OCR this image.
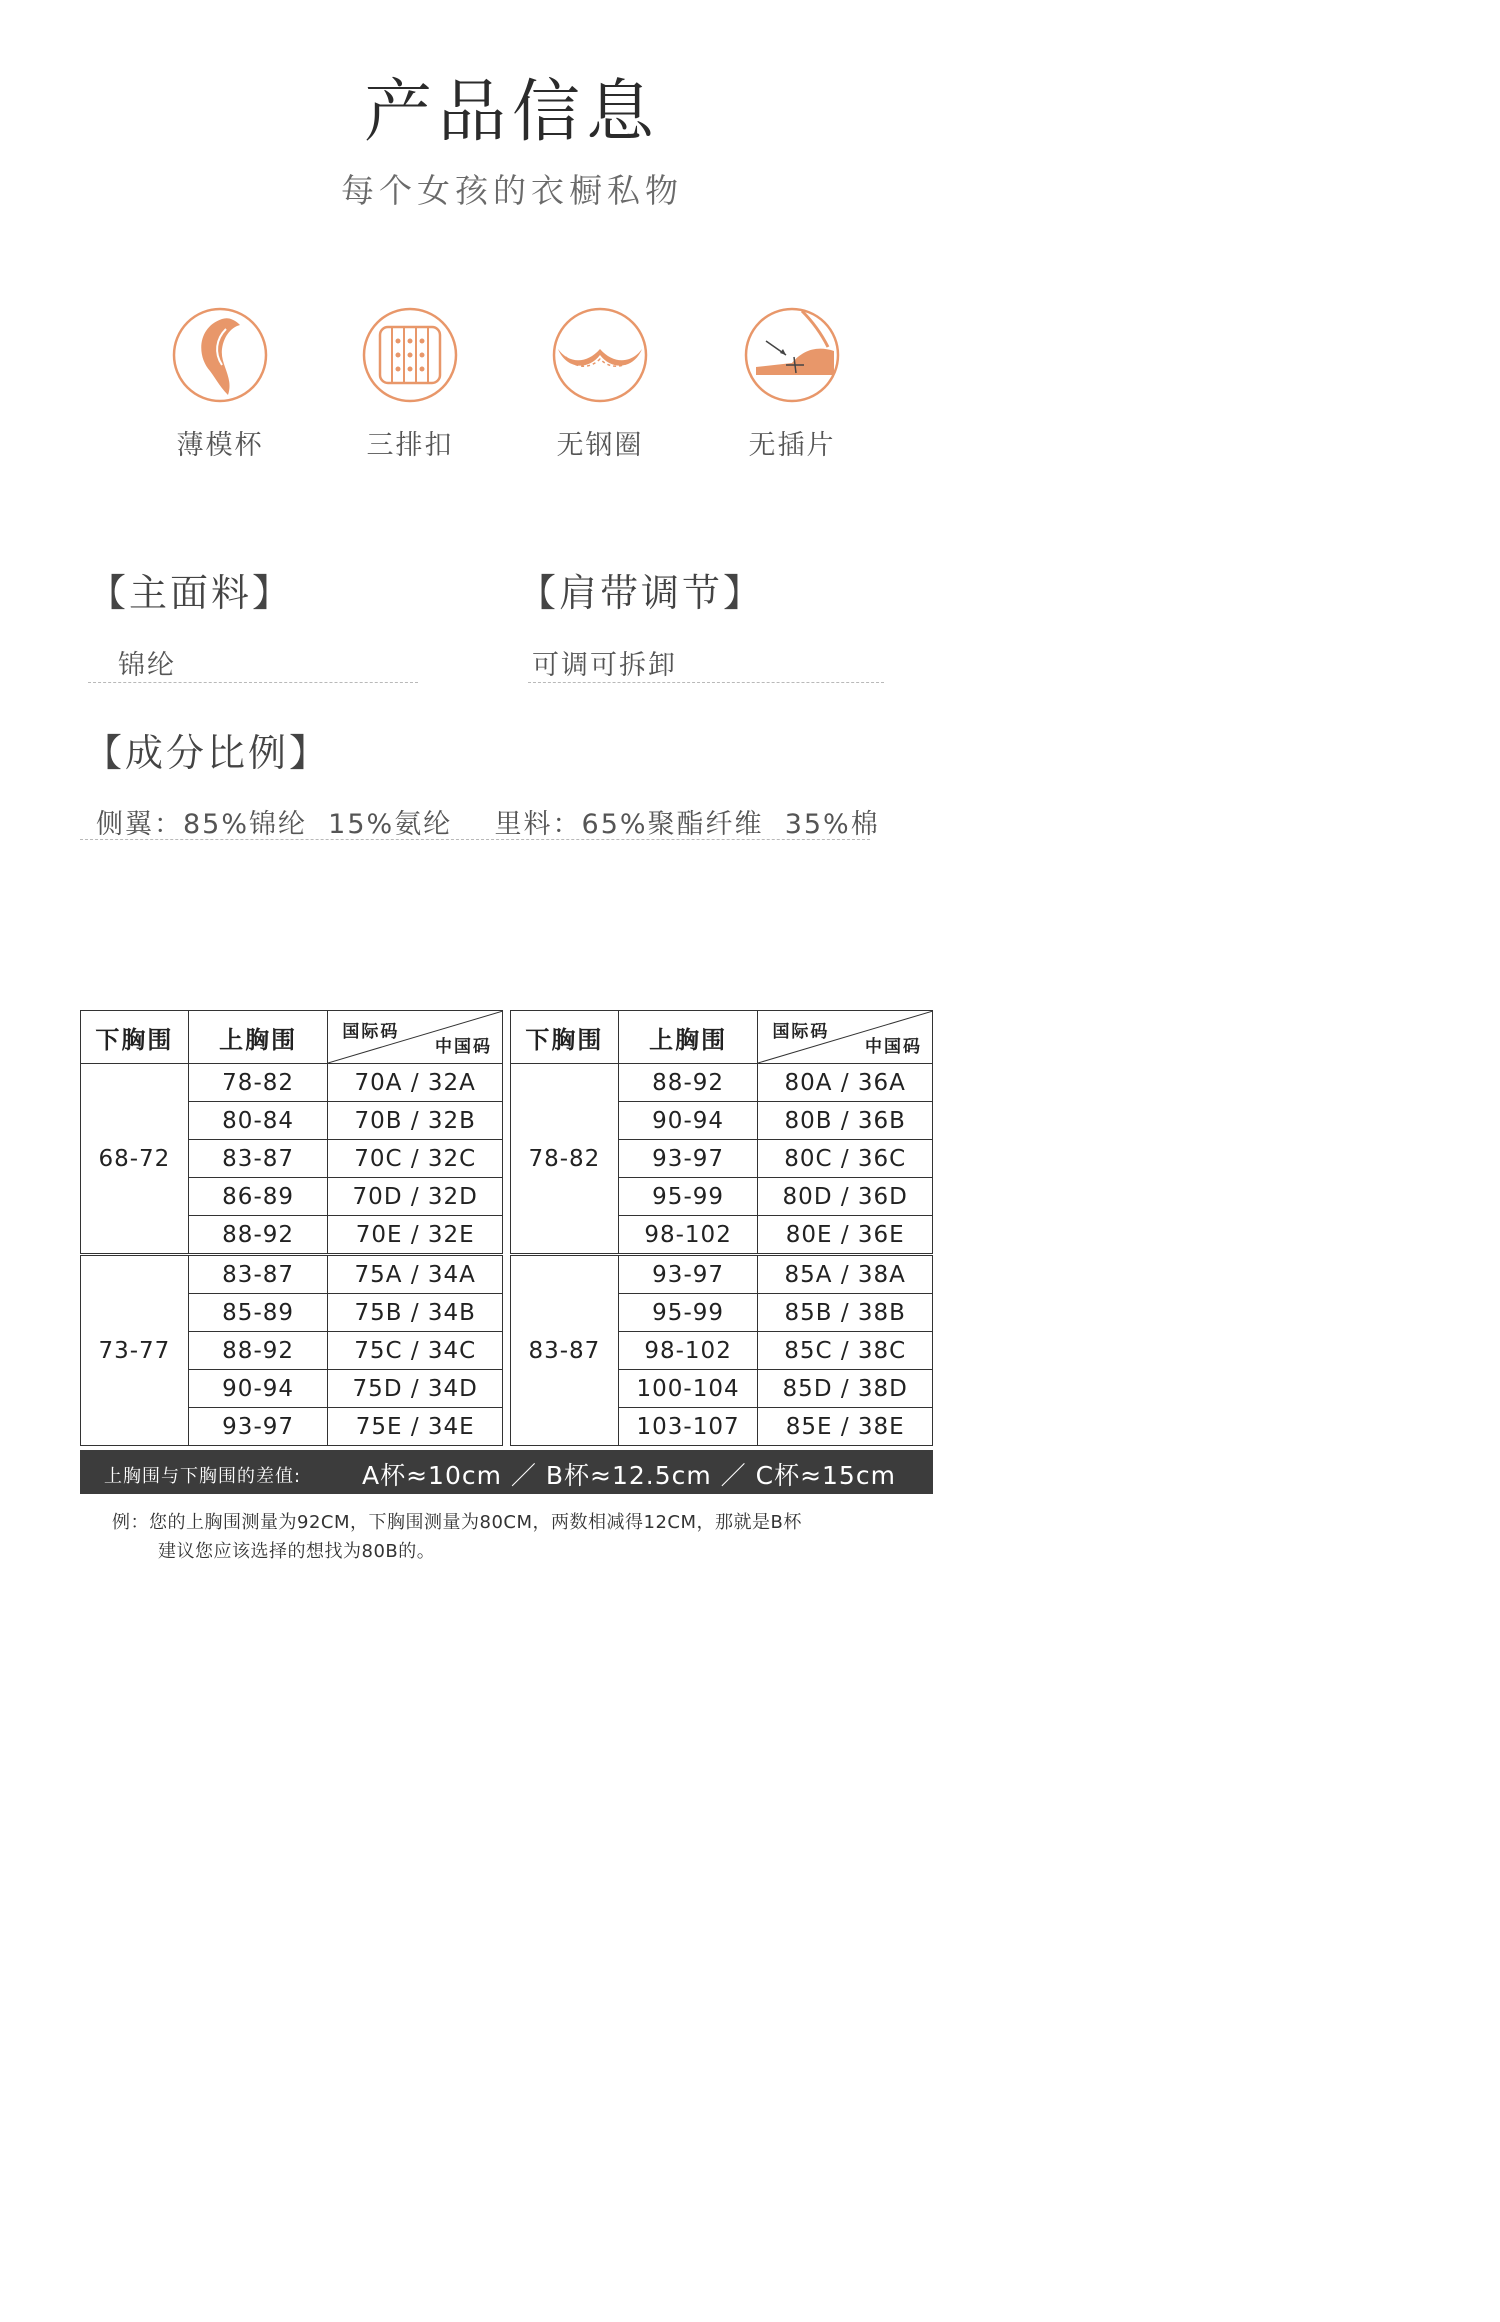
产品信息
每个女孩的衣橱私物
薄模杯	三排扣	无钢圈	无插片
【主面料】
锦纶
【肩带调节】
可调可拆卸
【成分比例】
侧翼：85%锦纶  15%氨纶    里料：65%聚酯纤维  35%棉
下胸围	上胸围	国际码
中国码

68-72	78-82	70A / 32A
	80-84	70B / 32B
	83-87	70C / 32C
	86-89	70D / 32D
	88-92	70E / 32E
73-77	83-87	75A / 34A
	85-89	75B / 34B
	88-92	75C / 34C
	90-94	75D / 34D
	93-97	75E / 34E
下胸围	上胸围	国际码
中国码

78-82	88-92	80A / 36A
	90-94	80B / 36B
	93-97	80C / 36C
	95-99	80D / 36D
	98-102	80E / 36E
83-87	93-97	85A / 38A
	95-99	85B / 38B
	98-102	85C / 38C
	100-104	85D / 38D
	103-107	85E / 38E
上胸围与下胸围的差值: A杯≈10cm ／ B杯≈12.5cm ／ C杯≈15cm
例：您的上胸围测量为92CM，下胸围测量为80CM，两数相减得12CM，那就是B杯
建议您应该选择的想找为80B的。
